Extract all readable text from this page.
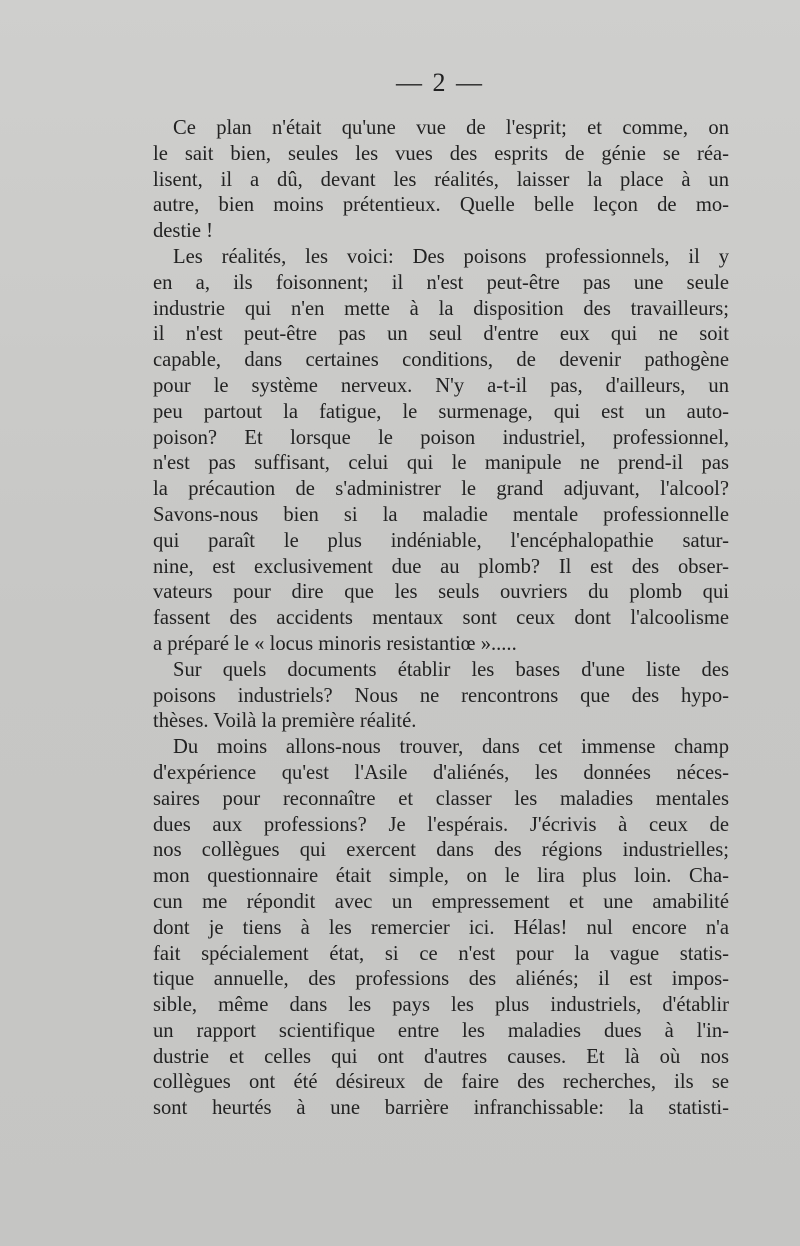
— 2 —
Ce plan n'était qu'une vue de l'esprit; et comme, on
le sait bien, seules les vues des esprits de génie se réa-
lisent, il a dû, devant les réalités, laisser la place à un
autre, bien moins prétentieux. Quelle belle leçon de mo-
destie !
Les réalités, les voici: Des poisons professionnels, il y
en a, ils foisonnent; il n'est peut-être pas une seule
industrie qui n'en mette à la disposition des travailleurs;
il n'est peut-être pas un seul d'entre eux qui ne soit
capable, dans certaines conditions, de devenir pathogène
pour le système nerveux. N'y a-t-il pas, d'ailleurs, un
peu partout la fatigue, le surmenage, qui est un auto-
poison? Et lorsque le poison industriel, professionnel,
n'est pas suffisant, celui qui le manipule ne prend-il pas
la précaution de s'administrer le grand adjuvant, l'alcool?
Savons-nous bien si la maladie mentale professionnelle
qui paraît le plus indéniable, l'encéphalopathie satur-
nine, est exclusivement due au plomb? Il est des obser-
vateurs pour dire que les seuls ouvriers du plomb qui
fassent des accidents mentaux sont ceux dont l'alcoolisme
a préparé le « locus minoris resistantiœ ».....
Sur quels documents établir les bases d'une liste des
poisons industriels? Nous ne rencontrons que des hypo-
thèses. Voilà la première réalité.
Du moins allons-nous trouver, dans cet immense champ
d'expérience qu'est l'Asile d'aliénés, les données néces-
saires pour reconnaître et classer les maladies mentales
dues aux professions? Je l'espérais. J'écrivis à ceux de
nos collègues qui exercent dans des régions industrielles;
mon questionnaire était simple, on le lira plus loin. Cha-
cun me répondit avec un empressement et une amabilité
dont je tiens à les remercier ici. Hélas! nul encore n'a
fait spécialement état, si ce n'est pour la vague statis-
tique annuelle, des professions des aliénés; il est impos-
sible, même dans les pays les plus industriels, d'établir
un rapport scientifique entre les maladies dues à l'in-
dustrie et celles qui ont d'autres causes. Et là où nos
collègues ont été désireux de faire des recherches, ils se
sont heurtés à une barrière infranchissable: la statisti-
